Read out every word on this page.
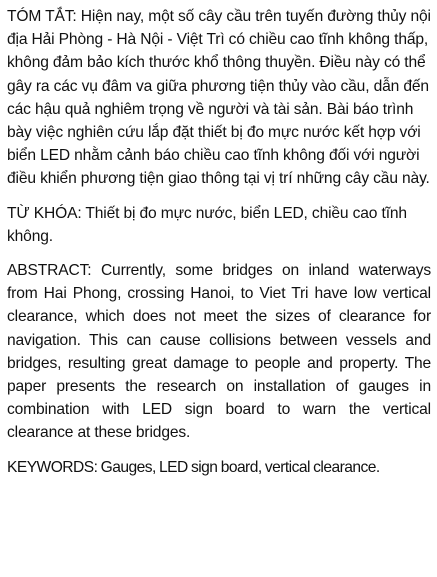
TÓM TẮT: Hiện nay, một số cây cầu trên tuyến đường thủy nội địa Hải Phòng - Hà Nội - Việt Trì có chiều cao tĩnh không thấp, không đảm bảo kích thước khổ thông thuyền. Điều này có thể gây ra các vụ đâm va giữa phương tiện thủy vào cầu, dẫn đến các hậu quả nghiêm trọng về người và tài sản. Bài báo trình bày việc nghiên cứu lắp đặt thiết bị đo mực nước kết hợp với biển LED nhằm cảnh báo chiều cao tĩnh không đối với người điều khiển phương tiện giao thông tại vị trí những cây cầu này.

TỪ KHÓA: Thiết bị đo mực nước, biển LED, chiều cao tĩnh không.

ABSTRACT: Currently, some bridges on inland waterways from Hai Phong, crossing Hanoi, to Viet Tri have low vertical clearance, which does not meet the sizes of clearance for navigation. This can cause collisions between vessels and bridges, resulting great damage to people and property. The paper presents the research on installation of gauges in combination with LED sign board to warn the vertical clearance at these bridges.

KEYWORDS: Gauges, LED sign board, vertical clearance.
